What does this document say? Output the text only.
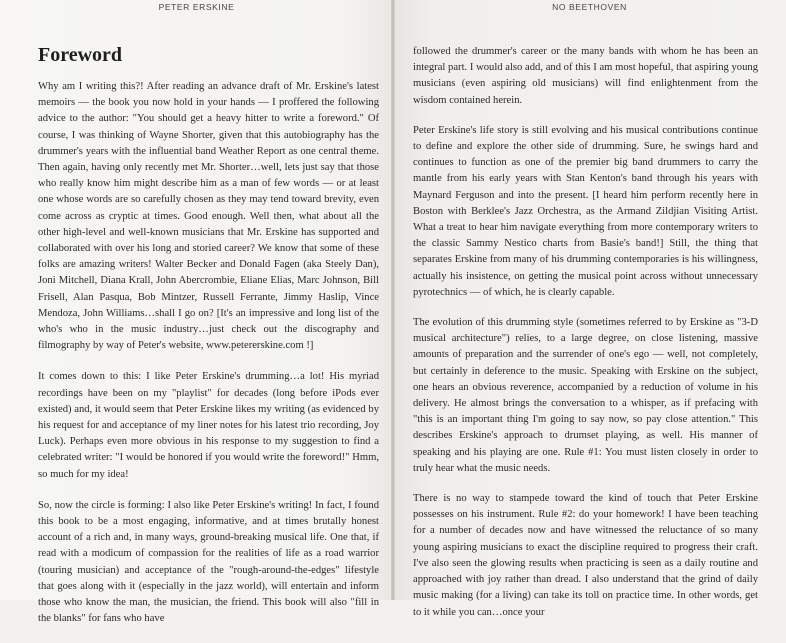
PETER ERSKINE
Foreword

Why am I writing this?! After reading an advance draft of Mr. Erskine's latest memoirs — the book you now hold in your hands — I proffered the following advice to the author: "You should get a heavy hitter to write a foreword." Of course, I was thinking of Wayne Shorter, given that this autobiography has the drummer's years with the influential band Weather Report as one central theme. Then again, having only recently met Mr. Shorter…well, lets just say that those who really know him might describe him as a man of few words — or at least one whose words are so carefully chosen as they may tend toward brevity, even come across as cryptic at times. Good enough. Well then, what about all the other high-level and well-known musicians that Mr. Erskine has supported and collaborated with over his long and storied career? We know that some of these folks are amazing writers! Walter Becker and Donald Fagen (aka Steely Dan), Joni Mitchell, Diana Krall, John Abercrombie, Eliane Elias, Marc Johnson, Bill Frisell, Alan Pasqua, Bob Mintzer, Russell Ferrante, Jimmy Haslip, Vince Mendoza, John Williams…shall I go on? [It's an impressive and long list of the who's who in the music industry…just check out the discography and filmography by way of Peter's website, www.petererskine.com !]

It comes down to this: I like Peter Erskine's drumming…a lot! His myriad recordings have been on my "playlist" for decades (long before iPods ever existed) and, it would seem that Peter Erskine likes my writing (as evidenced by his request for and acceptance of my liner notes for his latest trio recording, Joy Luck). Perhaps even more obvious in his response to my suggestion to find a celebrated writer: "I would be honored if you would write the foreword!" Hmm, so much for my idea!

So, now the circle is forming: I also like Peter Erskine's writing! In fact, I found this book to be a most engaging, informative, and at times brutally honest account of a rich and, in many ways, ground-breaking musical life. One that, if read with a modicum of compassion for the realities of life as a road warrior (touring musician) and acceptance of the "rough-around-the-edges" lifestyle that goes along with it (especially in the jazz world), will entertain and inform those who know the man, the musician, the friend. This book will also "fill in the blanks" for fans who have

NO BEETHOVEN

followed the drummer's career or the many bands with whom he has been an integral part. I would also add, and of this I am most hopeful, that aspiring young musicians (even aspiring old musicians) will find enlightenment from the wisdom contained herein.

Peter Erskine's life story is still evolving and his musical contributions continue to define and explore the other side of drumming. Sure, he swings hard and continues to function as one of the premier big band drummers to carry the mantle from his early years with Stan Kenton's band through his years with Maynard Ferguson and into the present. [I heard him perform recently here in Boston with Berklee's Jazz Orchestra, as the Armand Zildjian Visiting Artist. What a treat to hear him navigate everything from more contemporary writers to the classic Sammy Nestico charts from Basie's band!] Still, the thing that separates Erskine from many of his drumming contemporaries is his willingness, actually his insistence, on getting the musical point across without unnecessary pyrotechnics — of which, he is clearly capable.

The evolution of this drumming style (sometimes referred to by Erskine as "3-D musical architecture") relies, to a large degree, on close listening, massive amounts of preparation and the surrender of one's ego — well, not completely, but certainly in deference to the music. Speaking with Erskine on the subject, one hears an obvious reverence, accompanied by a reduction of volume in his delivery. He almost brings the conversation to a whisper, as if prefacing with "this is an important thing I'm going to say now, so pay close attention." This describes Erskine's approach to drumset playing, as well. His manner of speaking and his playing are one. Rule #1: You must listen closely in order to truly hear what the music needs.

There is no way to stampede toward the kind of touch that Peter Erskine possesses on his instrument. Rule #2: do your homework! I have been teaching for a number of decades now and have witnessed the reluctance of so many young aspiring musicians to exact the discipline required to progress their craft. I've also seen the glowing results when practicing is seen as a daily routine and approached with joy rather than dread. I also understand that the grind of daily music making (for a living) can take its toll on practice time. In other words, get to it while you can…once your
